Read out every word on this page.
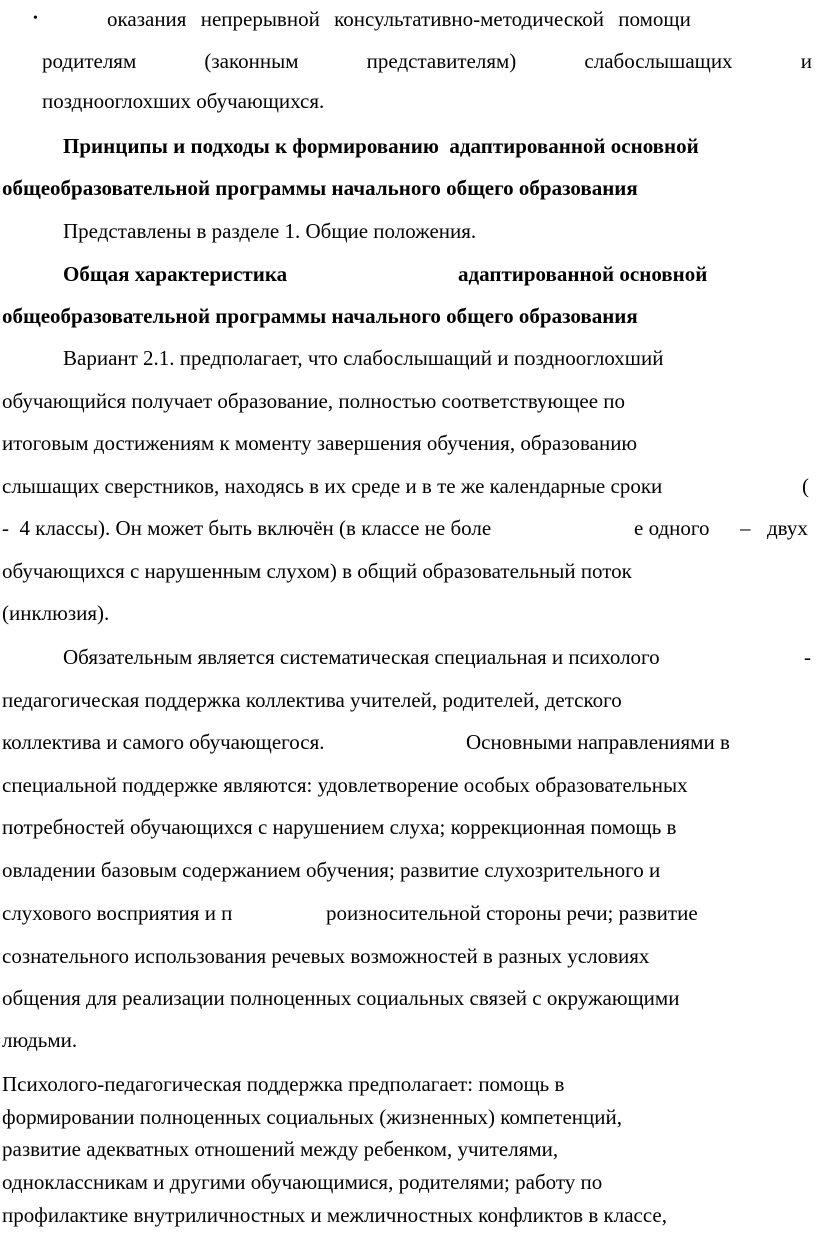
•	оказания непрерывной консультативно-методической помощи
родителям	(законным	представителям)	слабослышащих	и
позднооглохших обучающихся.
Принципы и подходы к формированию  адаптированной основной
общеобразовательной программы начального общего образования
Представлены в разделе 1. Общие положения.
Общая характеристика	адаптированной основной
общеобразовательной программы начального общего образования
Вариант 2.1. предполагает, что слабослышащий и позднооглохший
обучающийся получает образование, полностью соответствующее по
итоговым достижениям к моменту завершения обучения, образованию
слышащих сверстников, находясь в их среде и в те же календарные сроки	(
-  4 классы). Он может быть включён (в классе не боле	е одного – двух
обучающихся с нарушенным слухом) в общий образовательный поток
(инклюзия).
Обязательным является систематическая специальная и психолого	-
педагогическая поддержка коллектива учителей, родителей, детского
коллектива и самого обучающегося.	Основными направлениями в
специальной поддержке являются: удовлетворение особых образовательных
потребностей обучающихся с нарушением слуха; коррекционная помощь в
овладении базовым содержанием обучения; развитие слухозрительного и
слухового восприятия и п	роизносительной стороны речи; развитие
сознательного использования речевых возможностей в разных условиях
общения для реализации полноценных социальных связей с окружающими
людьми.
Психолого-педагогическая поддержка предполагает: помощь в
формировании полноценных социальных (жизненных) компетенций,
развитие адекватных отношений между ребенком, учителями,
одноклассникам и другими обучающимися, родителями; работу по
профилактике внутриличностных и межличностных конфликтов в классе,
